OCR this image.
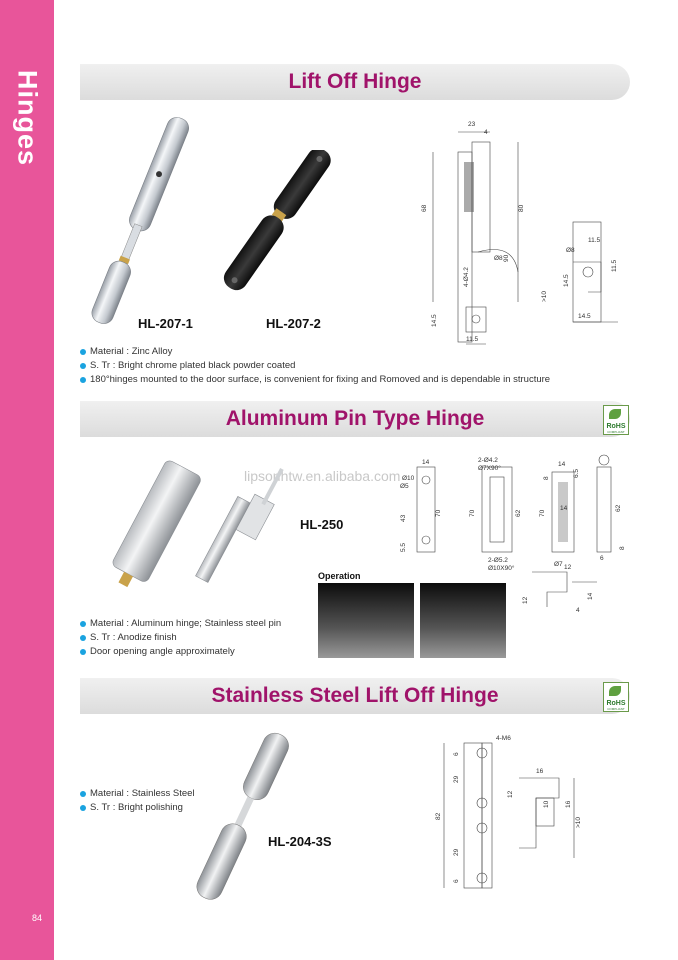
Hinges
84
Lift Off Hinge
HL-207-1	HL-207-2
23
4
68	80
4-Ø4.2
Ø8 90
14.5
11.5
11.5
14.5
11.5
14.5
>10
Ø8
Material : Zinc Alloy
S. Tr : Bright chrome plated black powder coated
180°hinges mounted to the door surface, is convenient for fixing and Romoved and is dependable in structure
Aluminum Pin Type Hinge	RoHS
COMPLIANT
lipsonhtw.en.alibaba.com
HL-250
14
Ø10
Ø5
43
70
5.5
2-Ø4.2
Ø7X90°
70	62
2-Ø5.2
Ø10X90°
14
6.5
8
70
14	62
6
8
Ø7 12
12
14
4
Operation
Material : Aluminum hinge; Stainless steel pin
S. Tr : Anodize finish
Door opening angle approximately
Stainless Steel Lift Off Hinge	RoHS
COMPLIANT
Material : Stainless Steel
S. Tr : Bright polishing
HL-204-3S
4-M6
6
29
82
29
6
16
12
16
10
>10
